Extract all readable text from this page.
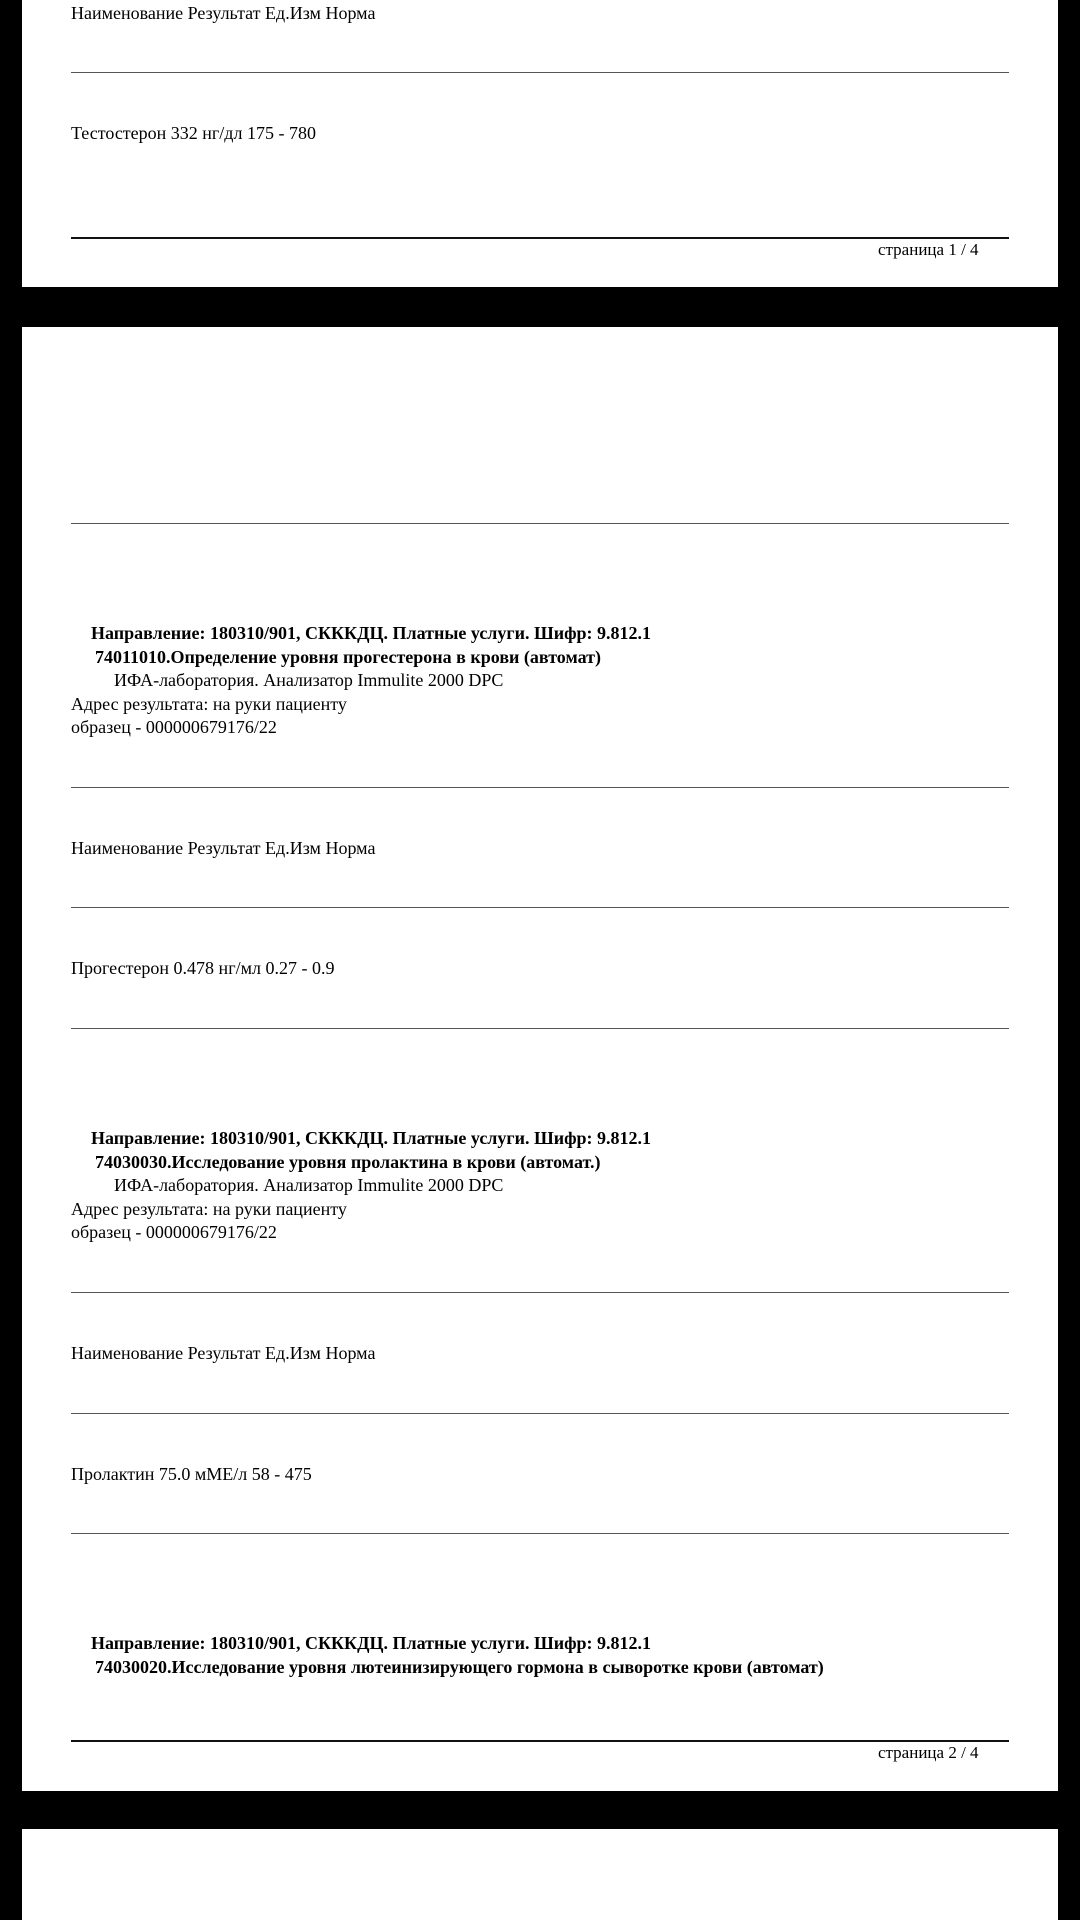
Наименование Результат Ед.Изм Норма
Тестостерон 332 нг/дл 175 - 780
страница 1 / 4
Направление: 180310/901, СКККДЦ. Платные услуги. Шифр: 9.812.1
74011010.Определение уровня прогестерона в крови (автомат)
ИФА-лаборатория. Анализатор Immulite 2000 DPC
Адрес результата: на руки пациенту
образец - 000000679176/22
Наименование Результат Ед.Изм Норма
Прогестерон 0.478 нг/мл 0.27 - 0.9
Направление: 180310/901, СКККДЦ. Платные услуги. Шифр: 9.812.1
74030030.Исследование уровня пролактина в крови (автомат.)
ИФА-лаборатория. Анализатор Immulite 2000 DPC
Адрес результата: на руки пациенту
образец - 000000679176/22
Наименование Результат Ед.Изм Норма
Пролактин 75.0 мМЕ/л 58 - 475
Направление: 180310/901, СКККДЦ. Платные услуги. Шифр: 9.812.1
74030020.Исследование уровня лютеинизирующего гормона в сыворотке крови (автомат)
страница 2 / 4
